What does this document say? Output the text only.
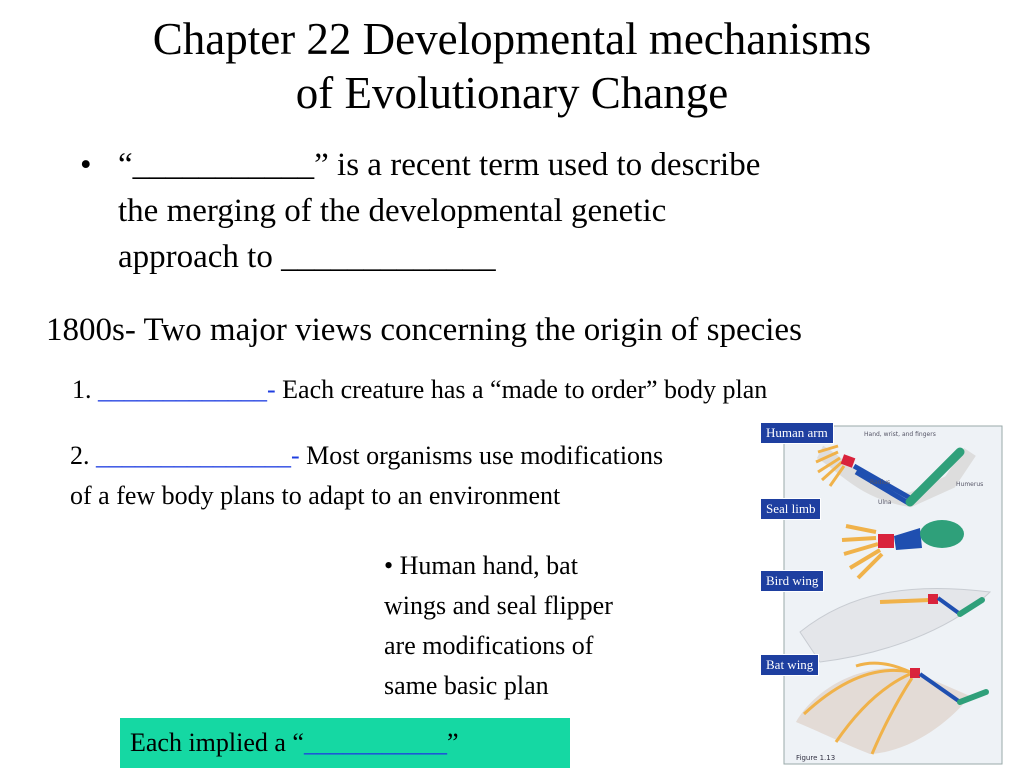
Chapter 22 Developmental mechanisms
of Evolutionary Change
• “___________” is a recent term used to describe
the merging of the developmental genetic
approach to _____________
1800s- Two major views concerning the origin of species
1. _____________- Each creature has a “made to order” body plan
2. _______________- Most organisms use modifications of a few body plans to adapt to an environment
• Human hand, bat
wings and seal flipper
are modifications of
same basic plan
Each implied a “___________”
Hand, wrist, and fingers
Radius
Ulna
Humerus
Figure 1.13
Human arm
Seal limb
Bird wing
Bat wing
